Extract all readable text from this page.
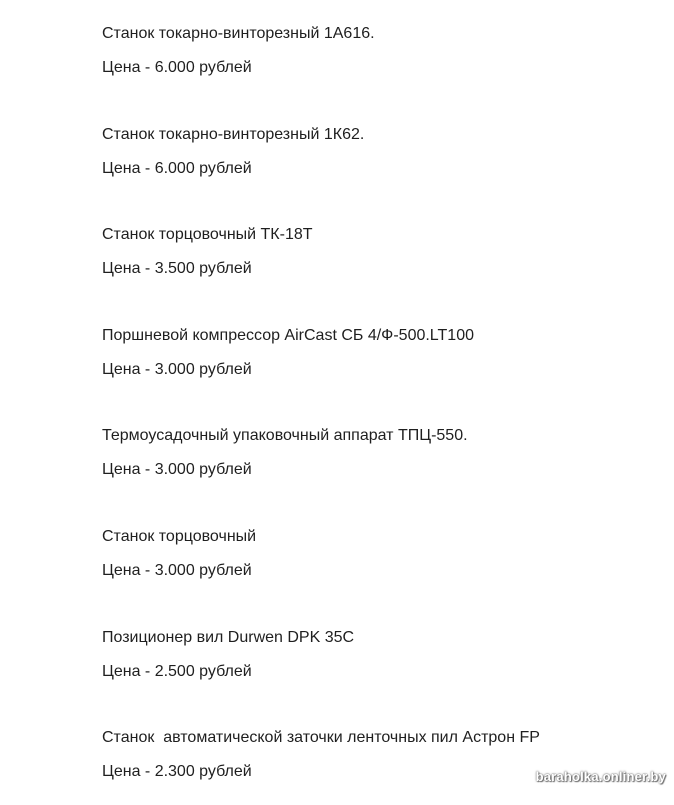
Станок токарно-винторезный 1А616.
Цена - 6.000 рублей
Станок токарно-винторезный 1К62.
Цена - 6.000 рублей
Станок торцовочный ТК-18Т
Цена - 3.500 рублей
Поршневой компрессор AirCast СБ 4/Ф-500.LT100
Цена - 3.000 рублей
Термоусадочный упаковочный аппарат ТПЦ-550.
Цена - 3.000 рублей
Станок торцовочный
Цена - 3.000 рублей
Позиционер вил Durwen DPK 35C
Цена - 2.500 рублей
Станок  автоматической заточки ленточных пил Астрон FP
Цена - 2.300 рублей	baraholka.onliner.by
